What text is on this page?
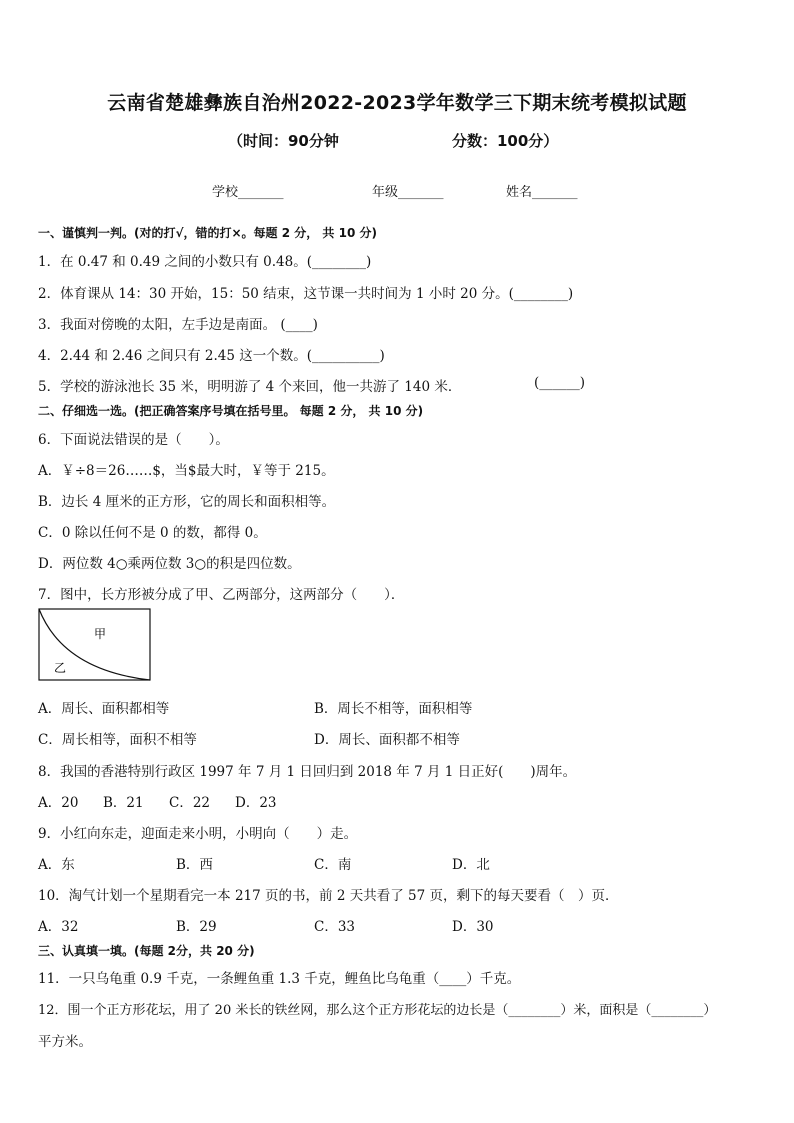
云南省楚雄彝族自治州2022-2023学年数学三下期末统考模拟试题
（时间：90分钟	分数：100分）
学校_______	年级_______	姓名_______
一、谨慎判一判。(对的打√，错的打×。每题 2 分， 共 10 分)
1．在 0.47 和 0.49 之间的小数只有 0.48。(________)
2．体育课从 14：30 开始，15：50 结束，这节课一共时间为 1 小时 20 分。(________)
3．我面对傍晚的太阳，左手边是南面。 (____)
4．2.44 和 2.46 之间只有 2.45 这一个数。(__________)
5．学校的游泳池长 35 米，明明游了 4 个来回，他一共游了 140 米．	(______)
二、仔细选一选。(把正确答案序号填在括号里。 每题 2 分， 共 10 分)
6．下面说法错误的是（　　）。
A．￥÷8＝26……$，当$最大时，￥等于 215。
B．边长 4 厘米的正方形，它的周长和面积相等。
C．0 除以任何不是 0 的数，都得 0。
D．两位数 4○乘两位数 3○的积是四位数。
7．图中，长方形被分成了甲、乙两部分，这两部分（　　）．
甲
乙
A．周长、面积都相等	B．周长不相等，面积相等
C．周长相等，面积不相等	D．周长、面积都不相等
8．我国的香港特别行政区 1997 年 7 月 1 日回归到 2018 年 7 月 1 日正好(　　)周年。
A．20 B．21 C．22 D．23
9．小红向东走，迎面走来小明，小明向（　　）走。
A．东	B．西	C．南	D．北
10．淘气计划一个星期看完一本 217 页的书，前 2 天共看了 57 页，剩下的每天要看（　）页．
A．32	B．29	C．33	D．30
三、认真填一填。(每题 2分，共 20 分)
11．一只乌龟重 0.9 千克，一条鲤鱼重 1.3 千克，鲤鱼比乌龟重（____）千克。
12．围一个正方形花坛，用了 20 米长的铁丝网，那么这个正方形花坛的边长是（________）米，面积是（________）
平方米。
